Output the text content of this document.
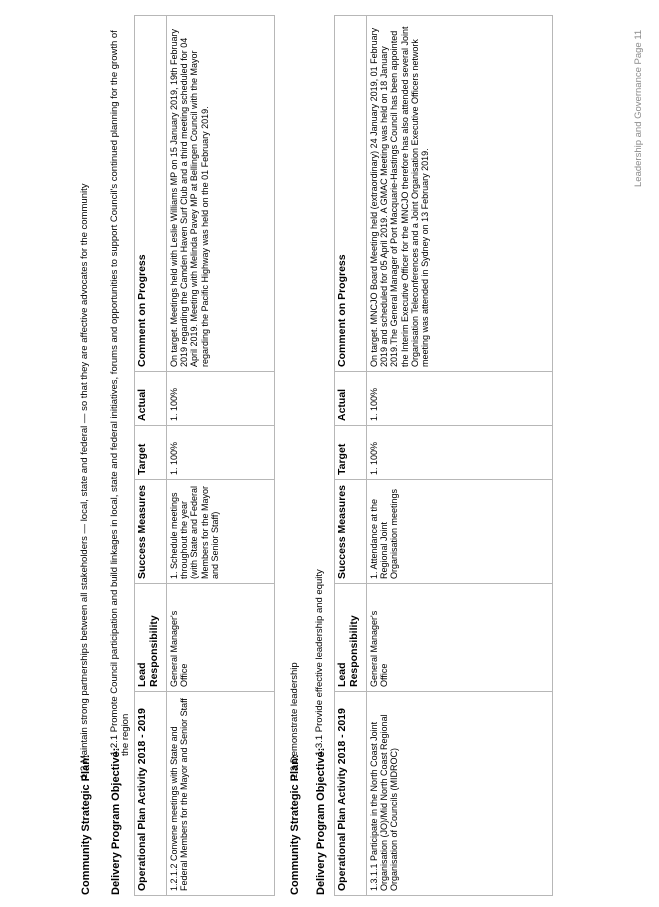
Community Strategic Plan:
1.2 Maintain strong partnerships between all stakeholders — local, state and federal — so that they are affective advocates for the community
Delivery Program Objective:
1.2.1 Promote Council participation and build linkages in local, state and federal initiatives, forums and opportunities to support Council's continued planning for the growth of the region Operational Plan Activity 2018 - 2019	Lead Responsibility	Success Measures	Target	Actual	Comment on Progress
1.2.1.2 Convene meetings with State and Federal Members for the Mayor and Senior Staff	General Manager's Office	1. Schedule meetings throughout the year (with State and Federal Members for the Mayor and Senior Staff)	1. 100%	1. 100%	On target. Meetings held with Leslie Williams MP on 15 January 2019, 19th February 2019 regarding the Camden Haven Surf Club and a third meeting scheduled for 04 April 2019. Meeting with Melinda Pavey MP at Bellingen Council with the Mayor regarding the Pacific Highway was held on the 01 February 2019.
Community Strategic Plan:
1.3 Demonstrate leadership
Delivery Program Objective:
1.3.1 Provide effective leadership and equity
Operational Plan Activity 2018 - 2019	Lead Responsibility	Success Measures	Target	Actual	Comment on Progress
1.3.1.1 Participate in the North Coast Joint Organisation (JO)/Mid North Coast Regional Organisation of Councils (MIDROC)	General Manager's Office	1. Attendance at the Regional Joint Organisation meetings	1. 100%	1. 100%	On target. MNCJO Board Meeting held (extraordinary) 24 January 2019, 01 February 2019 and scheduled for 05 April 2019. A GMAC Meeting was held on 18 January 2019.The General Manager of Port Macquarie-Hastings Council has been appointed the Interim Executive Officer for the MNCJO therefore has also attended several Joint Organisation Teleconferences and a Joint Organisation Executive Officers network meeting was attended in Sydney on 13 February 2019.
Leadership and Governance Page 11
